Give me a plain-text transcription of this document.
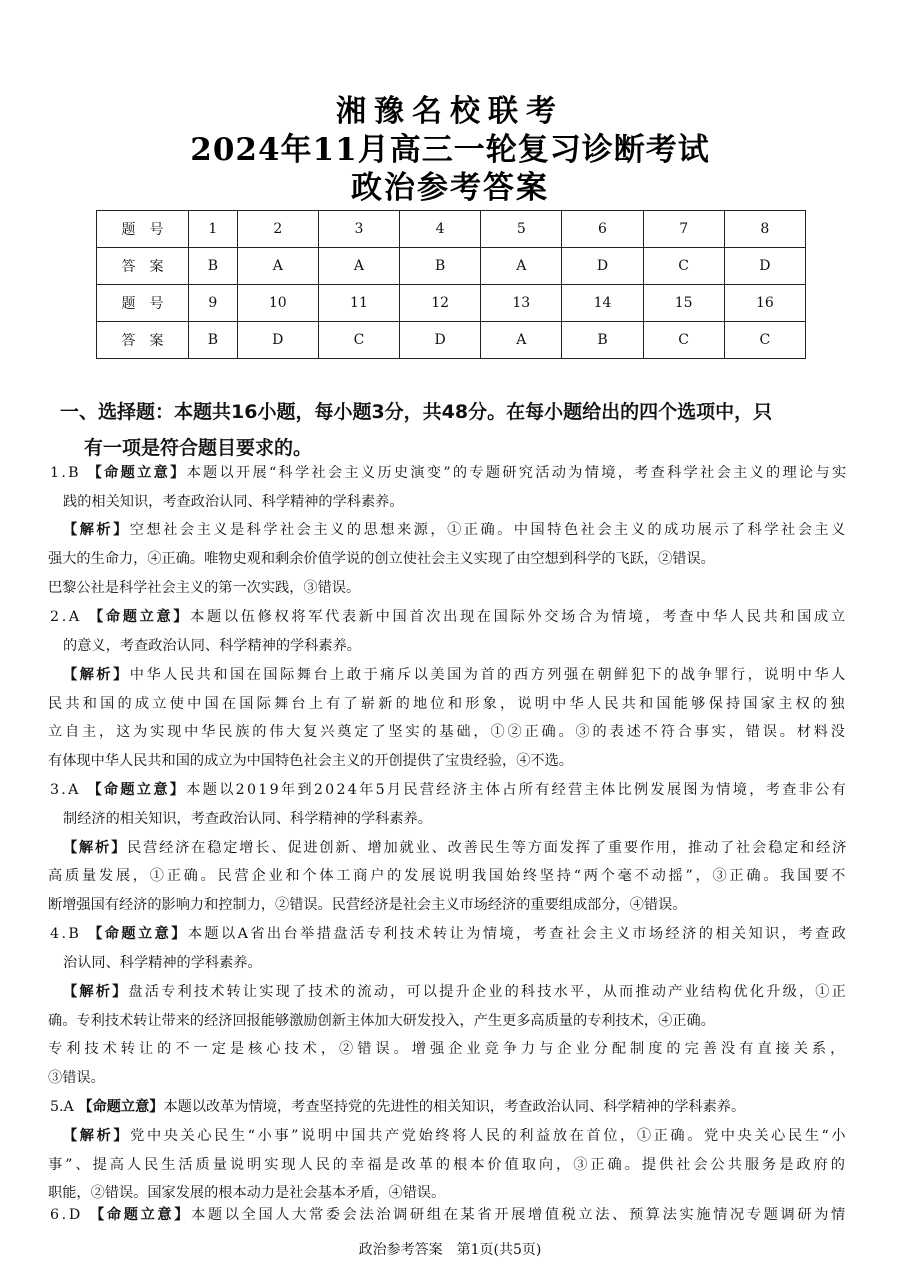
湘豫名校联考
2024年11月高三一轮复习诊断考试
政治参考答案
题号	1	2	3	4	5	6	7	8
答案	B	A	A	B	A	D	C	D
题号	9	10	11	12	13	14	15	16
答案	B	D	C	D	A	B	C	C
一、选择题：本题共16小题，每小题3分，共48分。在每小题给出的四个选项中，只
有一项是符合题目要求的。
1.B 【命题立意】本题以开展“科学社会主义历史演变”的专题研究活动为情境，考查科学社会主义的理论与实
践的相关知识，考查政治认同、科学精神的学科素养。
【解析】空想社会主义是科学社会主义的思想来源，①正确。中国特色社会主义的成功展示了科学社会主义
强大的生命力，④正确。唯物史观和剩余价值学说的创立使社会主义实现了由空想到科学的飞跃，②错误。
巴黎公社是科学社会主义的第一次实践，③错误。
2.A 【命题立意】本题以伍修权将军代表新中国首次出现在国际外交场合为情境，考查中华人民共和国成立
的意义，考查政治认同、科学精神的学科素养。
【解析】中华人民共和国在国际舞台上敢于痛斥以美国为首的西方列强在朝鲜犯下的战争罪行，说明中华人
民共和国的成立使中国在国际舞台上有了崭新的地位和形象，说明中华人民共和国能够保持国家主权的独
立自主，这为实现中华民族的伟大复兴奠定了坚实的基础，①②正确。③的表述不符合事实，错误。材料没
有体现中华人民共和国的成立为中国特色社会主义的开创提供了宝贵经验，④不选。
3.A 【命题立意】本题以2019年到2024年5月民营经济主体占所有经营主体比例发展图为情境，考查非公有
制经济的相关知识，考查政治认同、科学精神的学科素养。
【解析】民营经济在稳定增长、促进创新、增加就业、改善民生等方面发挥了重要作用，推动了社会稳定和经济
高质量发展，①正确。民营企业和个体工商户的发展说明我国始终坚持“两个毫不动摇”，③正确。我国要不
断增强国有经济的影响力和控制力，②错误。民营经济是社会主义市场经济的重要组成部分，④错误。
4.B 【命题立意】本题以A省出台举措盘活专利技术转让为情境，考查社会主义市场经济的相关知识，考查政
治认同、科学精神的学科素养。
【解析】盘活专利技术转让实现了技术的流动，可以提升企业的科技水平，从而推动产业结构优化升级，①正
确。专利技术转让带来的经济回报能够激励创新主体加大研发投入，产生更多高质量的专利技术，④正确。
专利技术转让的不一定是核心技术，②错误。增强企业竞争力与企业分配制度的完善没有直接关系，
③错误。
5.A 【命题立意】本题以改革为情境，考查坚持党的先进性的相关知识，考查政治认同、科学精神的学科素养。
【解析】党中央关心民生“小事”说明中国共产党始终将人民的利益放在首位，①正确。党中央关心民生“小
事”、提高人民生活质量说明实现人民的幸福是改革的根本价值取向，③正确。提供社会公共服务是政府的
职能，②错误。国家发展的根本动力是社会基本矛盾，④错误。
6.D 【命题立意】本题以全国人大常委会法治调研组在某省开展增值税立法、预算法实施情况专题调研为情
政治参考答案　第1页(共5页)
